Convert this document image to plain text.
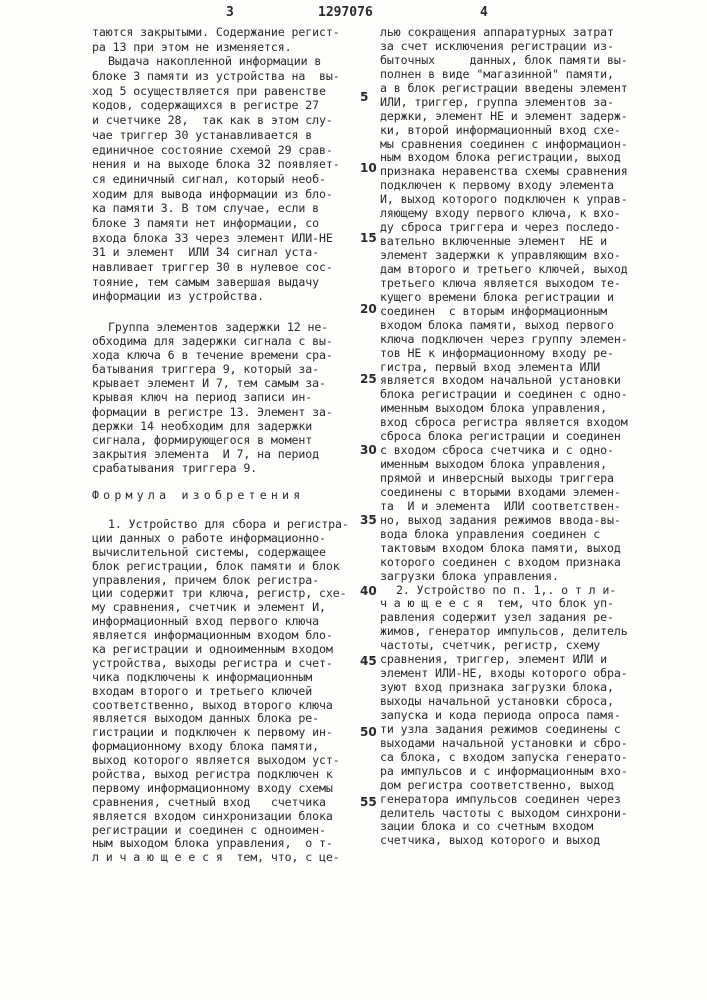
3	1297076	4
таются закрытыми. Содержание регист-
ра 13 при этом не изменяется.
Выдача накопленной информации в
блоке 3 памяти из устройства на  вы-
ход 5 осуществляется при равенстве
кодов, содержащихся в регистре 27
и счетчике 28,  так как в этом слу-
чае триггер 30 устанавливается в
единичное состояние схемой 29 срав-
нения и на выходе блока 32 появляет-
ся единичный сигнал, который необ-
ходим для вывода информации из бло-
ка памяти 3. В том случае, если в
блоке 3 памяти нет информации, со
входа блока 33 через элемент ИЛИ-НЕ
31 и элемент  ИЛИ 34 сигнал уста-
навливает триггер 30 в нулевое сос-
тояние, тем самым завершая выдачу
информации из устройства.
Группа элементов задержки 12 не-
обходима для задержки сигнала с вы-
хода ключа 6 в течение времени сра-
батывания триггера 9, который за-
крывает элемент И 7, тем самым за-
крывая ключ на период записи ин-
формации в регистре 13. Элемент за-
держки 14 необходим для задержки
сигнала, формирующегося в момент
закрытия элемента  И 7, на период
срабатывания триггера 9.
Формула изобретения
1. Устройство для сбора и регистра-
ции данных о работе информационно-
вычислительной системы, содержащее
блок регистрации, блок памяти и блок
управления, причем блок регистра-
ции содержит три ключа, регистр, схе-
му сравнения, счетчик и элемент И,
информационный вход первого ключа
является информационным входом бло-
ка регистрации и одноименным входом
устройства, выходы регистра и счет-
чика подключены к информационным
входам второго и третьего ключей
соответственно, выход второго ключа
является выходом данных блока ре-
гистрации и подключен к первому ин-
формационному входу блока памяти,
выход которого является выходом уст-
ройства, выход регистра подключен к
первому информационному входу схемы
сравнения, счетный вход   счетчика
является входом синхронизации блока
регистрации и соединен с одноимен-
ным выходом блока управления,  о т-
л и ч а ю щ е е с я  тем, что, с це-
лью сокращения аппаратурных затрат
за счет исключения регистрации из-
быточных     данных, блок памяти вы-
полнен в виде "магазинной" памяти,
а в блок регистрации введены элемент
ИЛИ, триггер, группа элементов за-
держки, элемент НЕ и элемент задерж-
ки, второй информационный вход схе-
мы сравнения соединен с информацион-
ным входом блока регистрации, выход
признака неравенства схемы сравнения
подключен к первому входу элемента
И, выход которого подключен к управ-
ляющему входу первого ключа, к вхо-
ду сброса триггера и через последо-
вательно включенные элемент  НЕ и
элемент задержки к управляющим вхо-
дам второго и третьего ключей, выход
третьего ключа является выходом те-
кущего времени блока регистрации и
соединен  с вторым информационным
входом блока памяти, выход первого
ключа подключен через группу элемен-
тов НЕ к информационному входу ре-
гистра, первый вход элемента ИЛИ
является входом начальной установки
блока регистрации и соединен с одно-
именным выходом блока управления,
вход сброса регистра является входом
сброса блока регистрации и соединен
с входом сброса счетчика и с одно-
именным выходом блока управления,
прямой и инверсный выходы триггера
соединены с вторыми входами элемен-
та  И и элемента  ИЛИ соответствен-
но, выход задания режимов ввода-вы-
вода блока управления соединен с
тактовым входом блока памяти, выход
которого соединен с входом признака
загрузки блока управления.
2. Устройство по п. 1,. о т л и-
ч а ю щ е е с я  тем, что блок уп-
равления содержит узел задания ре-
жимов, генератор импульсов, делитель
частоты, счетчик, регистр, схему
сравнения, триггер, элемент ИЛИ и
элемент ИЛИ-НЕ, входы которого обра-
зуют вход признака загрузки блока,
выходы начальной установки сброса,
запуска и кода периода опроса памя-
ти узла задания режимов соединены с
выходами начальной установки и сбро-
са блока, с входом запуска генерато-
ра импульсов и с информационным вхо-
дом регистра соответственно, выход
генератора импульсов соединен через
делитель частоты с выходом синхрони-
зации блока и со счетным входом
счетчика, выход которого и выход
5
10
15
20
25
30
35
40
45
50
55
